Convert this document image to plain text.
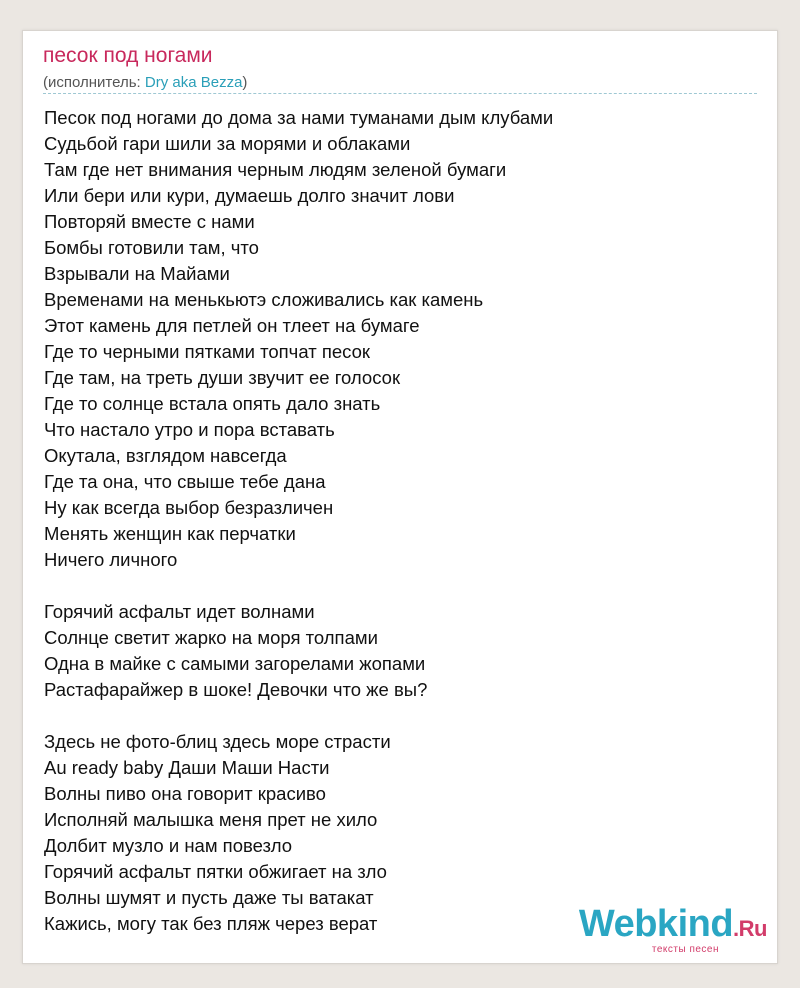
песок под ногами
(исполнитель: Dry aka Bezza)
Песок под ногами до дома за нами туманами дым клубами
Судьбой гари шили за морями и облаками
Там где нет внимания черным людям зеленой бумаги
Или бери или кури, думаешь долго значит лови
Повторяй вместе с нами
Бомбы готовили там, что
Взрывали на Майами
Временами на менькьютэ сложивались как камень
Этот камень для петлей он тлеет на бумаге
Где то черными пятками топчат песок
Где там, на треть души звучит ее голосок
Где то солнце встала опять дало знать
Что настало утро и пора вставать
Окутала, взглядом навсегда
Где та она, что свыше тебе дана
Ну как всегда выбор безразличен
Менять женщин как перчатки
Ничего личного
Горячий асфальт идет волнами
Солнце светит жарко на моря толпами
Одна в майке с самыми загорелами жопами
Растафарайжер в шоке! Девочки что же вы?
Здесь не фото-блиц здесь море страсти
Au ready baby Даши Маши Насти
Волны пиво она говорит красиво
Исполняй малышка меня прет не хило
Долбит музло и нам повезло
Горячий асфальт пятки обжигает на зло
Волны шумят и пусть даже ты ватакат
Кажись, могу так без пляж через верат	Webkind.Ru
тексты песен
